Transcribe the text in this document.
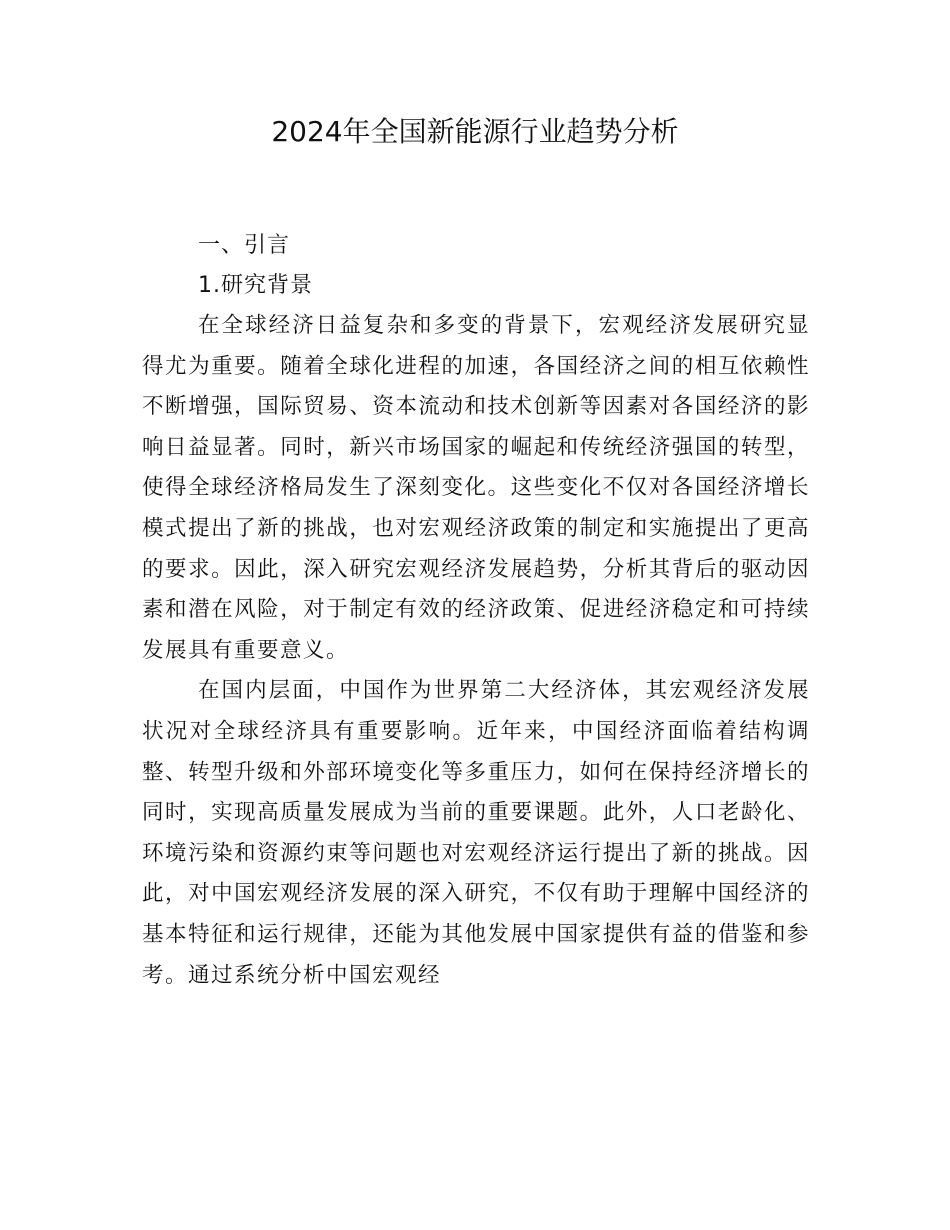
2024年全国新能源行业趋势分析

一、引言

1.研究背景

在全球经济日益复杂和多变的背景下，宏观经济发展研究显得尤为重要。随着全球化进程的加速，各国经济之间的相互依赖性不断增强，国际贸易、资本流动和技术创新等因素对各国经济的影响日益显著。同时，新兴市场国家的崛起和传统经济强国的转型，使得全球经济格局发生了深刻变化。这些变化不仅对各国经济增长模式提出了新的挑战，也对宏观经济政策的制定和实施提出了更高的要求。因此，深入研究宏观经济发展趋势，分析其背后的驱动因素和潜在风险，对于制定有效的经济政策、促进经济稳定和可持续发展具有重要意义。

在国内层面，中国作为世界第二大经济体，其宏观经济发展状况对全球经济具有重要影响。近年来，中国经济面临着结构调整、转型升级和外部环境变化等多重压力，如何在保持经济增长的同时，实现高质量发展成为当前的重要课题。此外，人口老龄化、环境污染和资源约束等问题也对宏观经济运行提出了新的挑战。因此，对中国宏观经济发展的深入研究，不仅有助于理解中国经济的基本特征和运行规律，还能为其他发展中国家提供有益的借鉴和参考。通过系统分析中国宏观经
